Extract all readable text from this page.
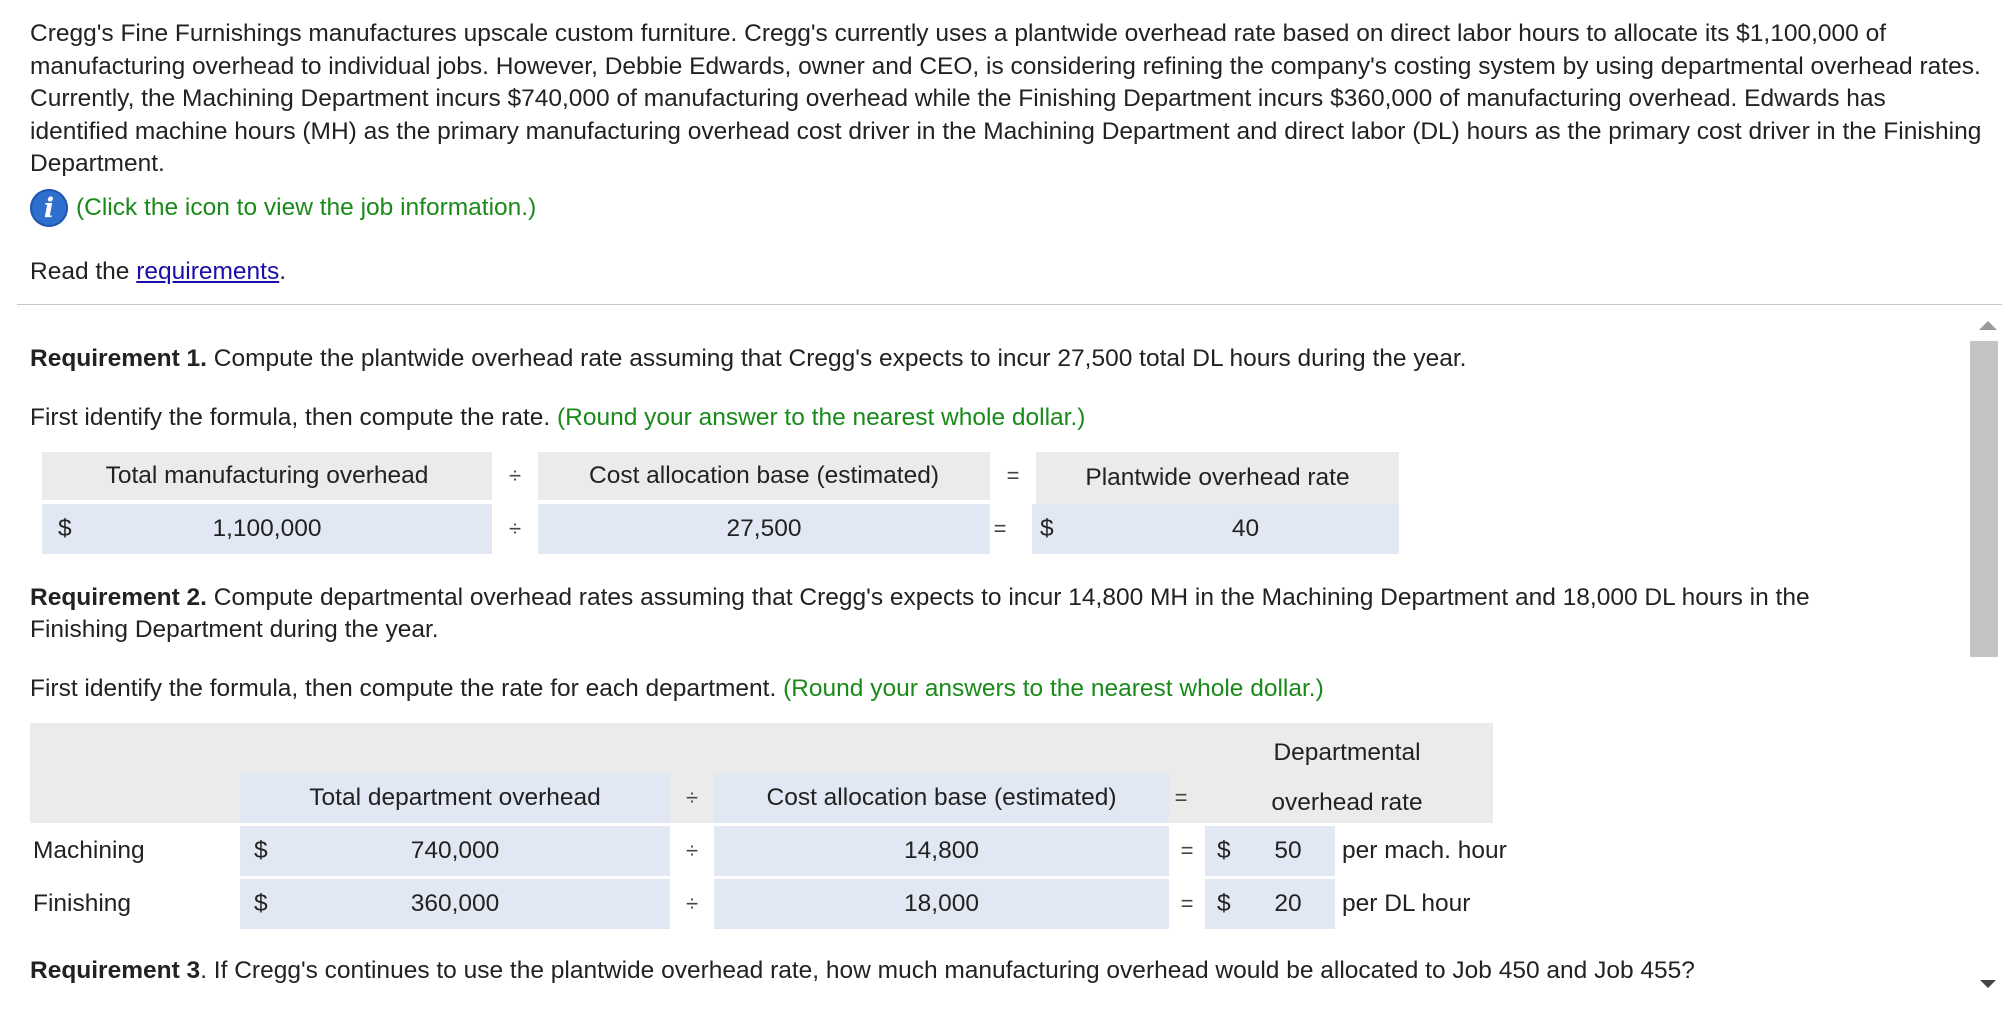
Cregg's Fine Furnishings manufactures upscale custom furniture. Cregg's currently uses a plantwide overhead rate based on direct labor hours to allocate its $1,100,000 of manufacturing overhead to individual jobs. However, Debbie Edwards, owner and CEO, is considering refining the company's costing system by using departmental overhead rates. Currently, the Machining Department incurs $740,000 of manufacturing overhead while the Finishing Department incurs $360,000 of manufacturing overhead. Edwards has identified machine hours (MH) as the primary manufacturing overhead cost driver in the Machining Department and direct labor (DL) hours as the primary cost driver in the Finishing Department.
i (Click the icon to view the job information.)
Read the requirements.
Requirement 1. Compute the plantwide overhead rate assuming that Cregg's expects to incur 27,500 total DL hours during the year.
First identify the formula, then compute the rate. (Round your answer to the nearest whole dollar.)
Total manufacturing overhead	÷	Cost allocation base (estimated)	=	Plantwide overhead rate
$	1,100,000	÷	27,500	= $	40
Requirement 2. Compute departmental overhead rates assuming that Cregg's expects to incur 14,800 MH in the Machining Department and 18,000 DL hours in the
Finishing Department during the year.
First identify the formula, then compute the rate for each department. (Round your answers to the nearest whole dollar.)
Departmental
Total department overhead	÷	Cost allocation base (estimated)	=	overhead rate
Machining	$	740,000	÷	14,800	= $ 50 per mach. hour
Finishing	$	360,000	÷	18,000	= $ 20 per DL hour
Requirement 3. If Cregg's continues to use the plantwide overhead rate, how much manufacturing overhead would be allocated to Job 450 and Job 455?
